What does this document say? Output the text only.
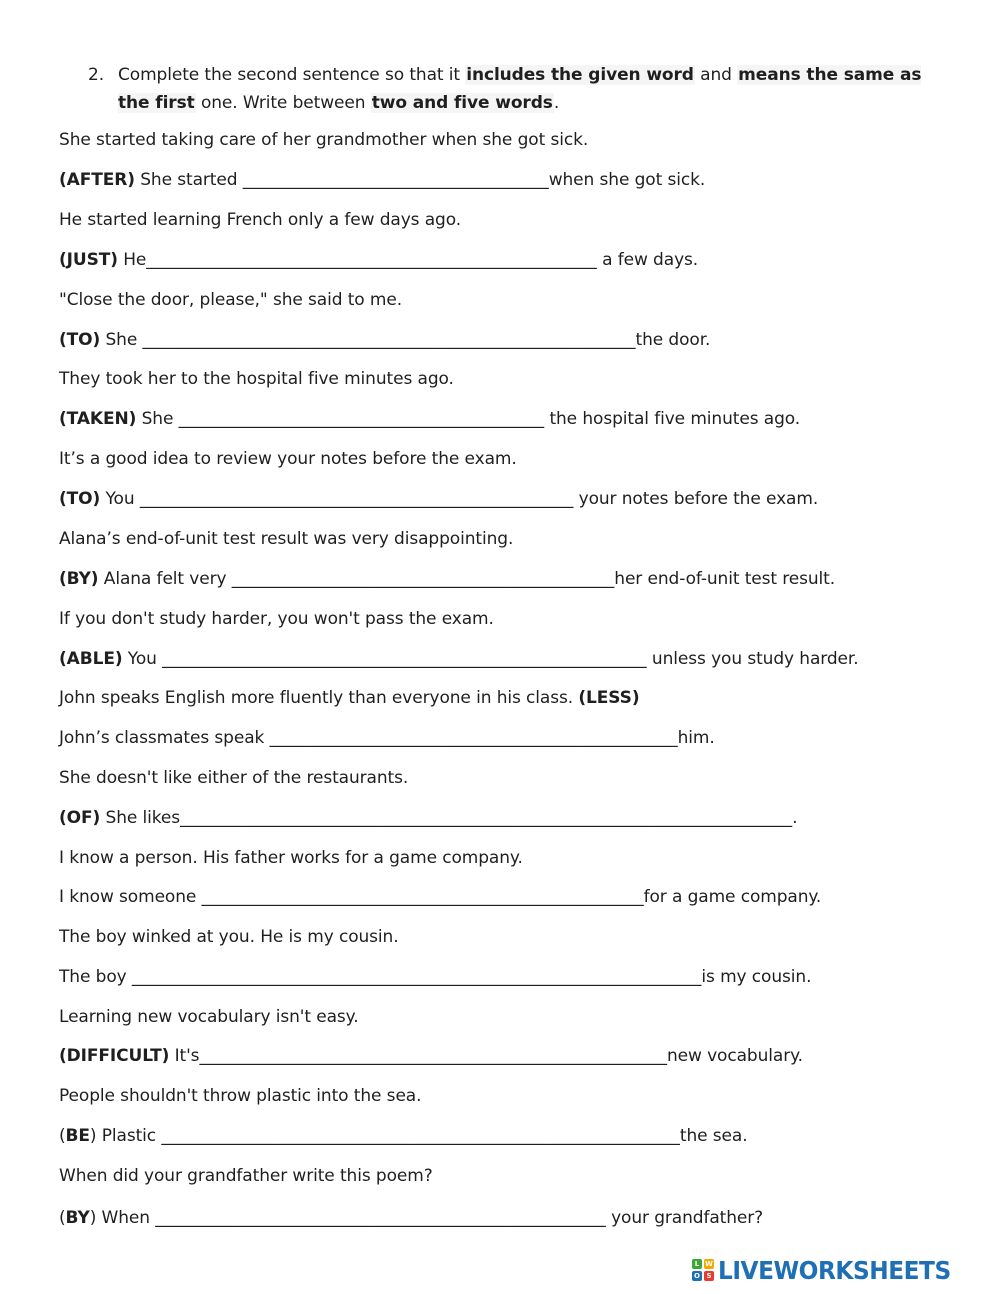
2. Complete the second sentence so that it includes the given word and means the same as the first one. Write between two and five words.
She started taking care of her grandmother when she got sick.
(AFTER) She started ____________________________________when she got sick.
He started learning French only a few days ago.
(JUST) He_____________________________________________________ a few days.
"Close the door, please," she said to me.
(TO) She __________________________________________________________the door.
They took her to the hospital five minutes ago.
(TAKEN) She ___________________________________________ the hospital five minutes ago.
It’s a good idea to review your notes before the exam.
(TO) You ___________________________________________________ your notes before the exam.
Alana’s end-of-unit test result was very disappointing.
(BY) Alana felt very _____________________________________________her end-of-unit test result.
If you don't study harder, you won't pass the exam.
(ABLE) You _________________________________________________________ unless you study harder.
John speaks English more fluently than everyone in his class. (LESS)
John’s classmates speak ________________________________________________him.
She doesn't like either of the restaurants.
(OF) She likes________________________________________________________________________.
I know a person. His father works for a game company.
I know someone ____________________________________________________for a game company.
The boy winked at you. He is my cousin.
The boy ___________________________________________________________________is my cousin.
Learning new vocabulary isn't easy.
(DIFFICULT) It's_______________________________________________________new vocabulary.
People shouldn't throw plastic into the sea.
(BE) Plastic _____________________________________________________________the sea.
When did your grandfather write this poem?
(BY) When _____________________________________________________ your grandfather?
L W
O S LIVEWORKSHEETS
